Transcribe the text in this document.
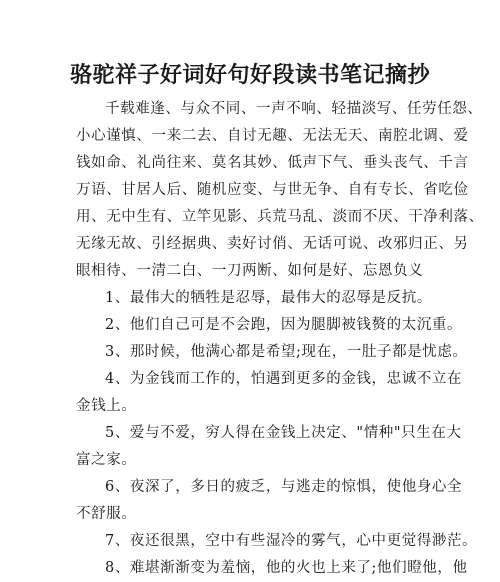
骆驼祥子好词好句好段读书笔记摘抄
千载难逢、与众不同、一声不响、轻描淡写、任劳任怨、
小心谨慎、一来二去、自讨无趣、无法无天、南腔北调、爱
钱如命、礼尚往来、莫名其妙、低声下气、垂头丧气、千言
万语、甘居人后、随机应变、与世无争、自有专长、省吃俭
用、无中生有、立竿见影、兵荒马乱、淡而不厌、干净利落、
无缘无故、引经据典、卖好讨俏、无话可说、改邪归正、另
眼相待、一清二白、一刀两断、如何是好、忘恩负义
1、最伟大的牺牲是忍辱，最伟大的忍辱是反抗。
2、他们自己可是不会跑，因为腿脚被钱赘的太沉重。
3、那时候，他满心都是希望;现在，一肚子都是忧虑。
4、为金钱而工作的，怕遇到更多的金钱，忠诚不立在
金钱上。
5、爱与不爱，穷人得在金钱上决定、"情种"只生在大
富之家。
6、夜深了，多日的疲乏，与逃走的惊惧，使他身心全
不舒服。
7、夜还很黑，空中有些湿冷的雾气，心中更觉得渺茫。
8、难堪渐渐变为羞恼，他的火也上来了;他们瞪他，他
